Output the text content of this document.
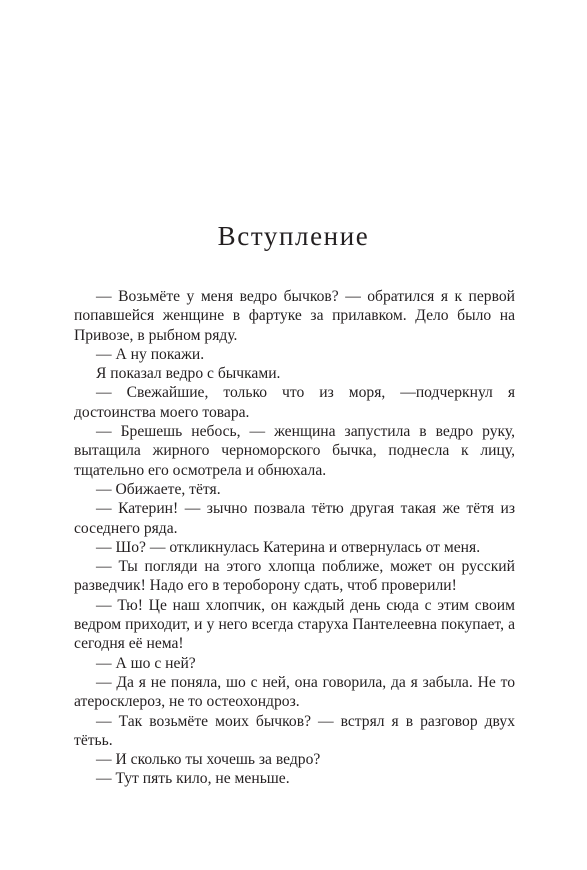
Вступление

— Возьмёте у меня ведро бычков? — обратился я к первой попавшейся женщине в фартуке за прилавком. Дело было на Привозе, в рыбном ряду.

— А ну покажи.

Я показал ведро с бычками.

— Свежайшие, только что из моря, —подчеркнул я достоинства моего товара.

— Брешешь небось, — женщина запустила в ведро руку, вытащила жирного черноморского бычка, поднесла к лицу, тщательно его осмотрела и обнюхала.

— Обижаете, тётя.

— Катерин! — зычно позвала тётю другая такая же тётя из соседнего ряда.

— Шо? — откликнулась Катерина и отвернулась от меня.

— Ты погляди на этого хлопца поближе, может он русский разведчик! Надо его в тероборону сдать, чтоб проверили!

— Тю! Це наш хлопчик, он каждый день сюда с этим своим ведром приходит, и у него всегда старуха Пантелеевна покупает, а сегодня её нема!

— А шо с ней?

— Да я не поняла, шо с ней, она говорила, да я забыла. Не то атеросклероз, не то остеохондроз.

— Так возьмёте моих бычков? — встрял я в разговор двух тётьь.

— И сколько ты хочешь за ведро?

— Тут пять кило, не меньше.
